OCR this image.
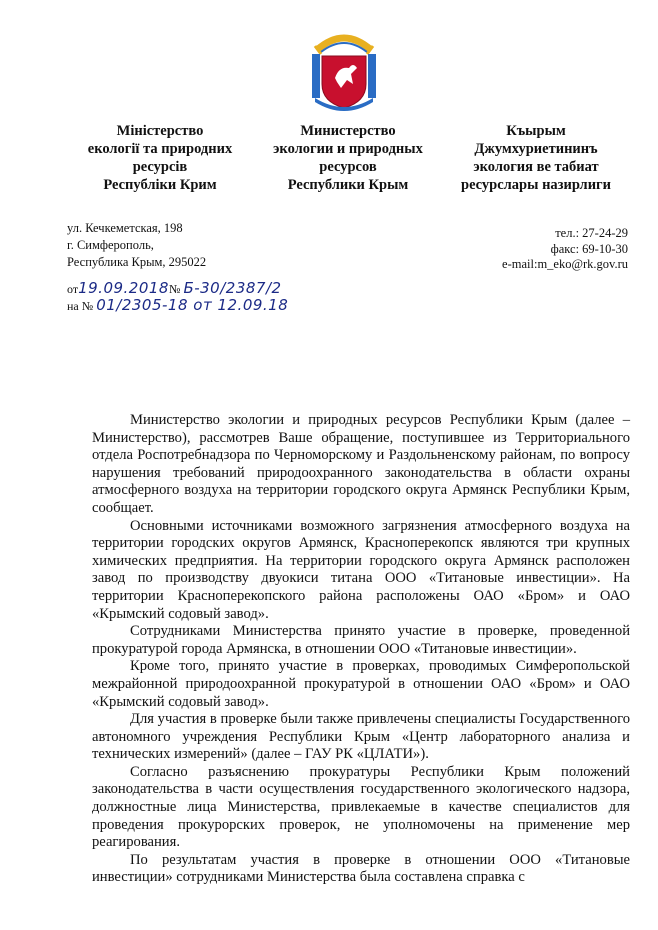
Міністерство
екології та природних
ресурсів
Республіки Крим
Министерство
экологии и природных
ресурсов
Республики Крым
Къырым
Джумхуриетининъ
экология ве табиат
ресурслары назирлиги
ул. Кечкеметская, 198
г. Симферополь,
Республика Крым, 295022
тел.: 27-24-29
факс: 69-10-30
e-mail:m_eko@rk.gov.ru
от19.09.2018№ Б-30/2387/2
на № 01/2305-18 от 12.09.18

Министерство экологии и природных ресурсов Республики Крым (далее – Министерство), рассмотрев Ваше обращение, поступившее из Территориального отдела Роспотребнадзора по Черноморскому и Раздольненскому районам, по вопросу нарушения требований природоохранного законодательства в области охраны атмосферного воздуха на территории городского округа Армянск Республики Крым, сообщает.

Основными источниками возможного загрязнения атмосферного воздуха на территории городских округов Армянск, Красноперекопск являются три крупных химических предприятия. На территории городского округа Армянск расположен завод по производству двуокиси титана ООО «Титановые инвестиции». На территории Красноперекопского района расположены ОАО «Бром» и ОАО «Крымский содовый завод».

Сотрудниками Министерства принято участие в проверке, проведенной прокуратурой города Армянска, в отношении ООО «Титановые инвестиции».

Кроме того, принято участие в проверках, проводимых Симферопольской межрайонной природоохранной прокуратурой в отношении ОАО «Бром» и ОАО «Крымский содовый завод».

Для участия в проверке были также привлечены специалисты Государственного автономного учреждения Республики Крым «Центр лабораторного анализа и технических измерений» (далее – ГАУ РК «ЦЛАТИ»).

Согласно разъяснению прокуратуры Республики Крым положений законодательства в части осуществления государственного экологического надзора, должностные лица Министерства, привлекаемые в качестве специалистов для проведения прокурорских проверок, не уполномочены на применение мер реагирования.

По результатам участия в проверке в отношении ООО «Титановые инвестиции» сотрудниками Министерства была составлена справка с
